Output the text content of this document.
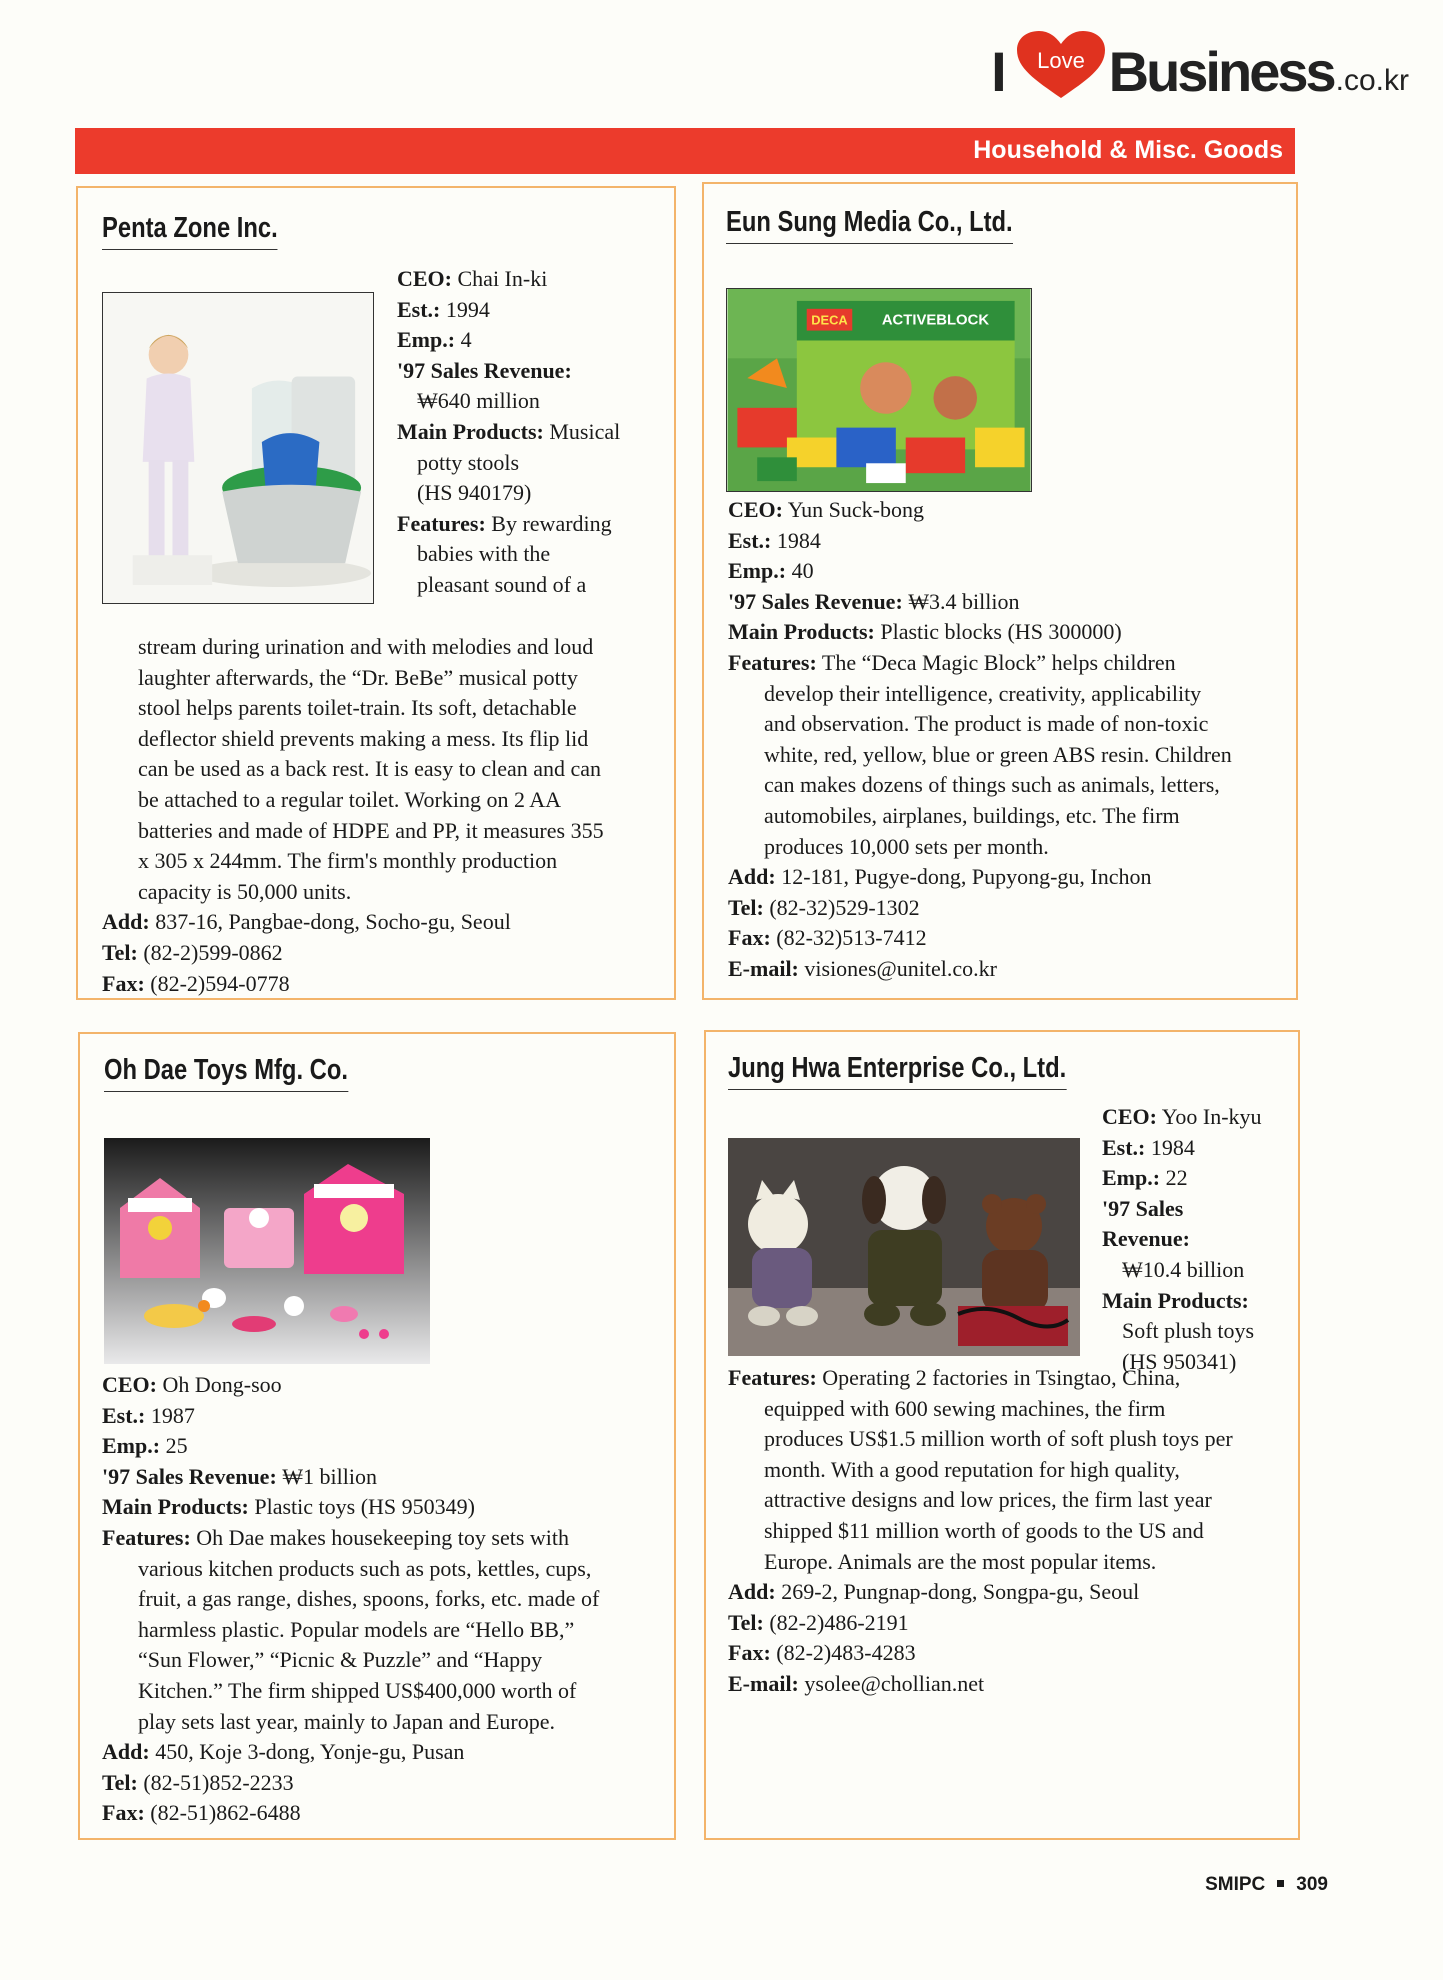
I Love Business .co.kr
Household & Misc. Goods
Penta Zone Inc.

CEO: Chai In-ki

Est.: 1994

Emp.: 4

'97 Sales Revenue:

₩640 million

Main Products: Musical

potty stools

(HS 940179)

Features: By rewarding

babies with the

pleasant sound of a

stream during urination and with melodies and loud

laughter afterwards, the “Dr. BeBe” musical potty

stool helps parents toilet-train. Its soft, detachable

deflector shield prevents making a mess. Its flip lid

can be used as a back rest. It is easy to clean and can

be attached to a regular toilet. Working on 2 AA

batteries and made of HDPE and PP, it measures 355

x 305 x 244mm. The firm's monthly production

capacity is 50,000 units.

Add: 837-16, Pangbae-dong, Socho-gu, Seoul

Tel: (82-2)599-0862

Fax: (82-2)594-0778

Eun Sung Media Co., Ltd.
DECA ACTIVEBLOCK

CEO: Yun Suck-bong

Est.: 1984

Emp.: 40

'97 Sales Revenue: ₩3.4 billion

Main Products: Plastic blocks (HS 300000)

Features: The “Deca Magic Block” helps children

develop their intelligence, creativity, applicability

and observation. The product is made of non-toxic

white, red, yellow, blue or green ABS resin. Children

can makes dozens of things such as animals, letters,

automobiles, airplanes, buildings, etc. The firm

produces 10,000 sets per month.

Add: 12-181, Pugye-dong, Pupyong-gu, Inchon

Tel: (82-32)529-1302

Fax: (82-32)513-7412

E-mail: visiones@unitel.co.kr

Oh Dae Toys Mfg. Co.

CEO: Oh Dong-soo

Est.: 1987

Emp.: 25

'97 Sales Revenue: ₩1 billion

Main Products: Plastic toys (HS 950349)

Features: Oh Dae makes housekeeping toy sets with

various kitchen products such as pots, kettles, cups,

fruit, a gas range, dishes, spoons, forks, etc. made of

harmless plastic. Popular models are “Hello BB,”

“Sun Flower,” “Picnic & Puzzle” and “Happy

Kitchen.” The firm shipped US$400,000 worth of

play sets last year, mainly to Japan and Europe.

Add: 450, Koje 3-dong, Yonje-gu, Pusan

Tel: (82-51)852-2233

Fax: (82-51)862-6488

Jung Hwa Enterprise Co., Ltd.

CEO: Yoo In-kyu

Est.: 1984

Emp.: 22

'97 Sales

Revenue:

₩10.4 billion

Main Products:

Soft plush toys

(HS 950341)

Features: Operating 2 factories in Tsingtao, China,

equipped with 600 sewing machines, the firm

produces US$1.5 million worth of soft plush toys per

month. With a good reputation for high quality,

attractive designs and low prices, the firm last year

shipped $11 million worth of goods to the US and

Europe. Animals are the most popular items.

Add: 269-2, Pungnap-dong, Songpa-gu, Seoul

Tel: (82-2)486-2191

Fax: (82-2)483-4283

E-mail: ysolee@chollian.net

SMIPC 309
